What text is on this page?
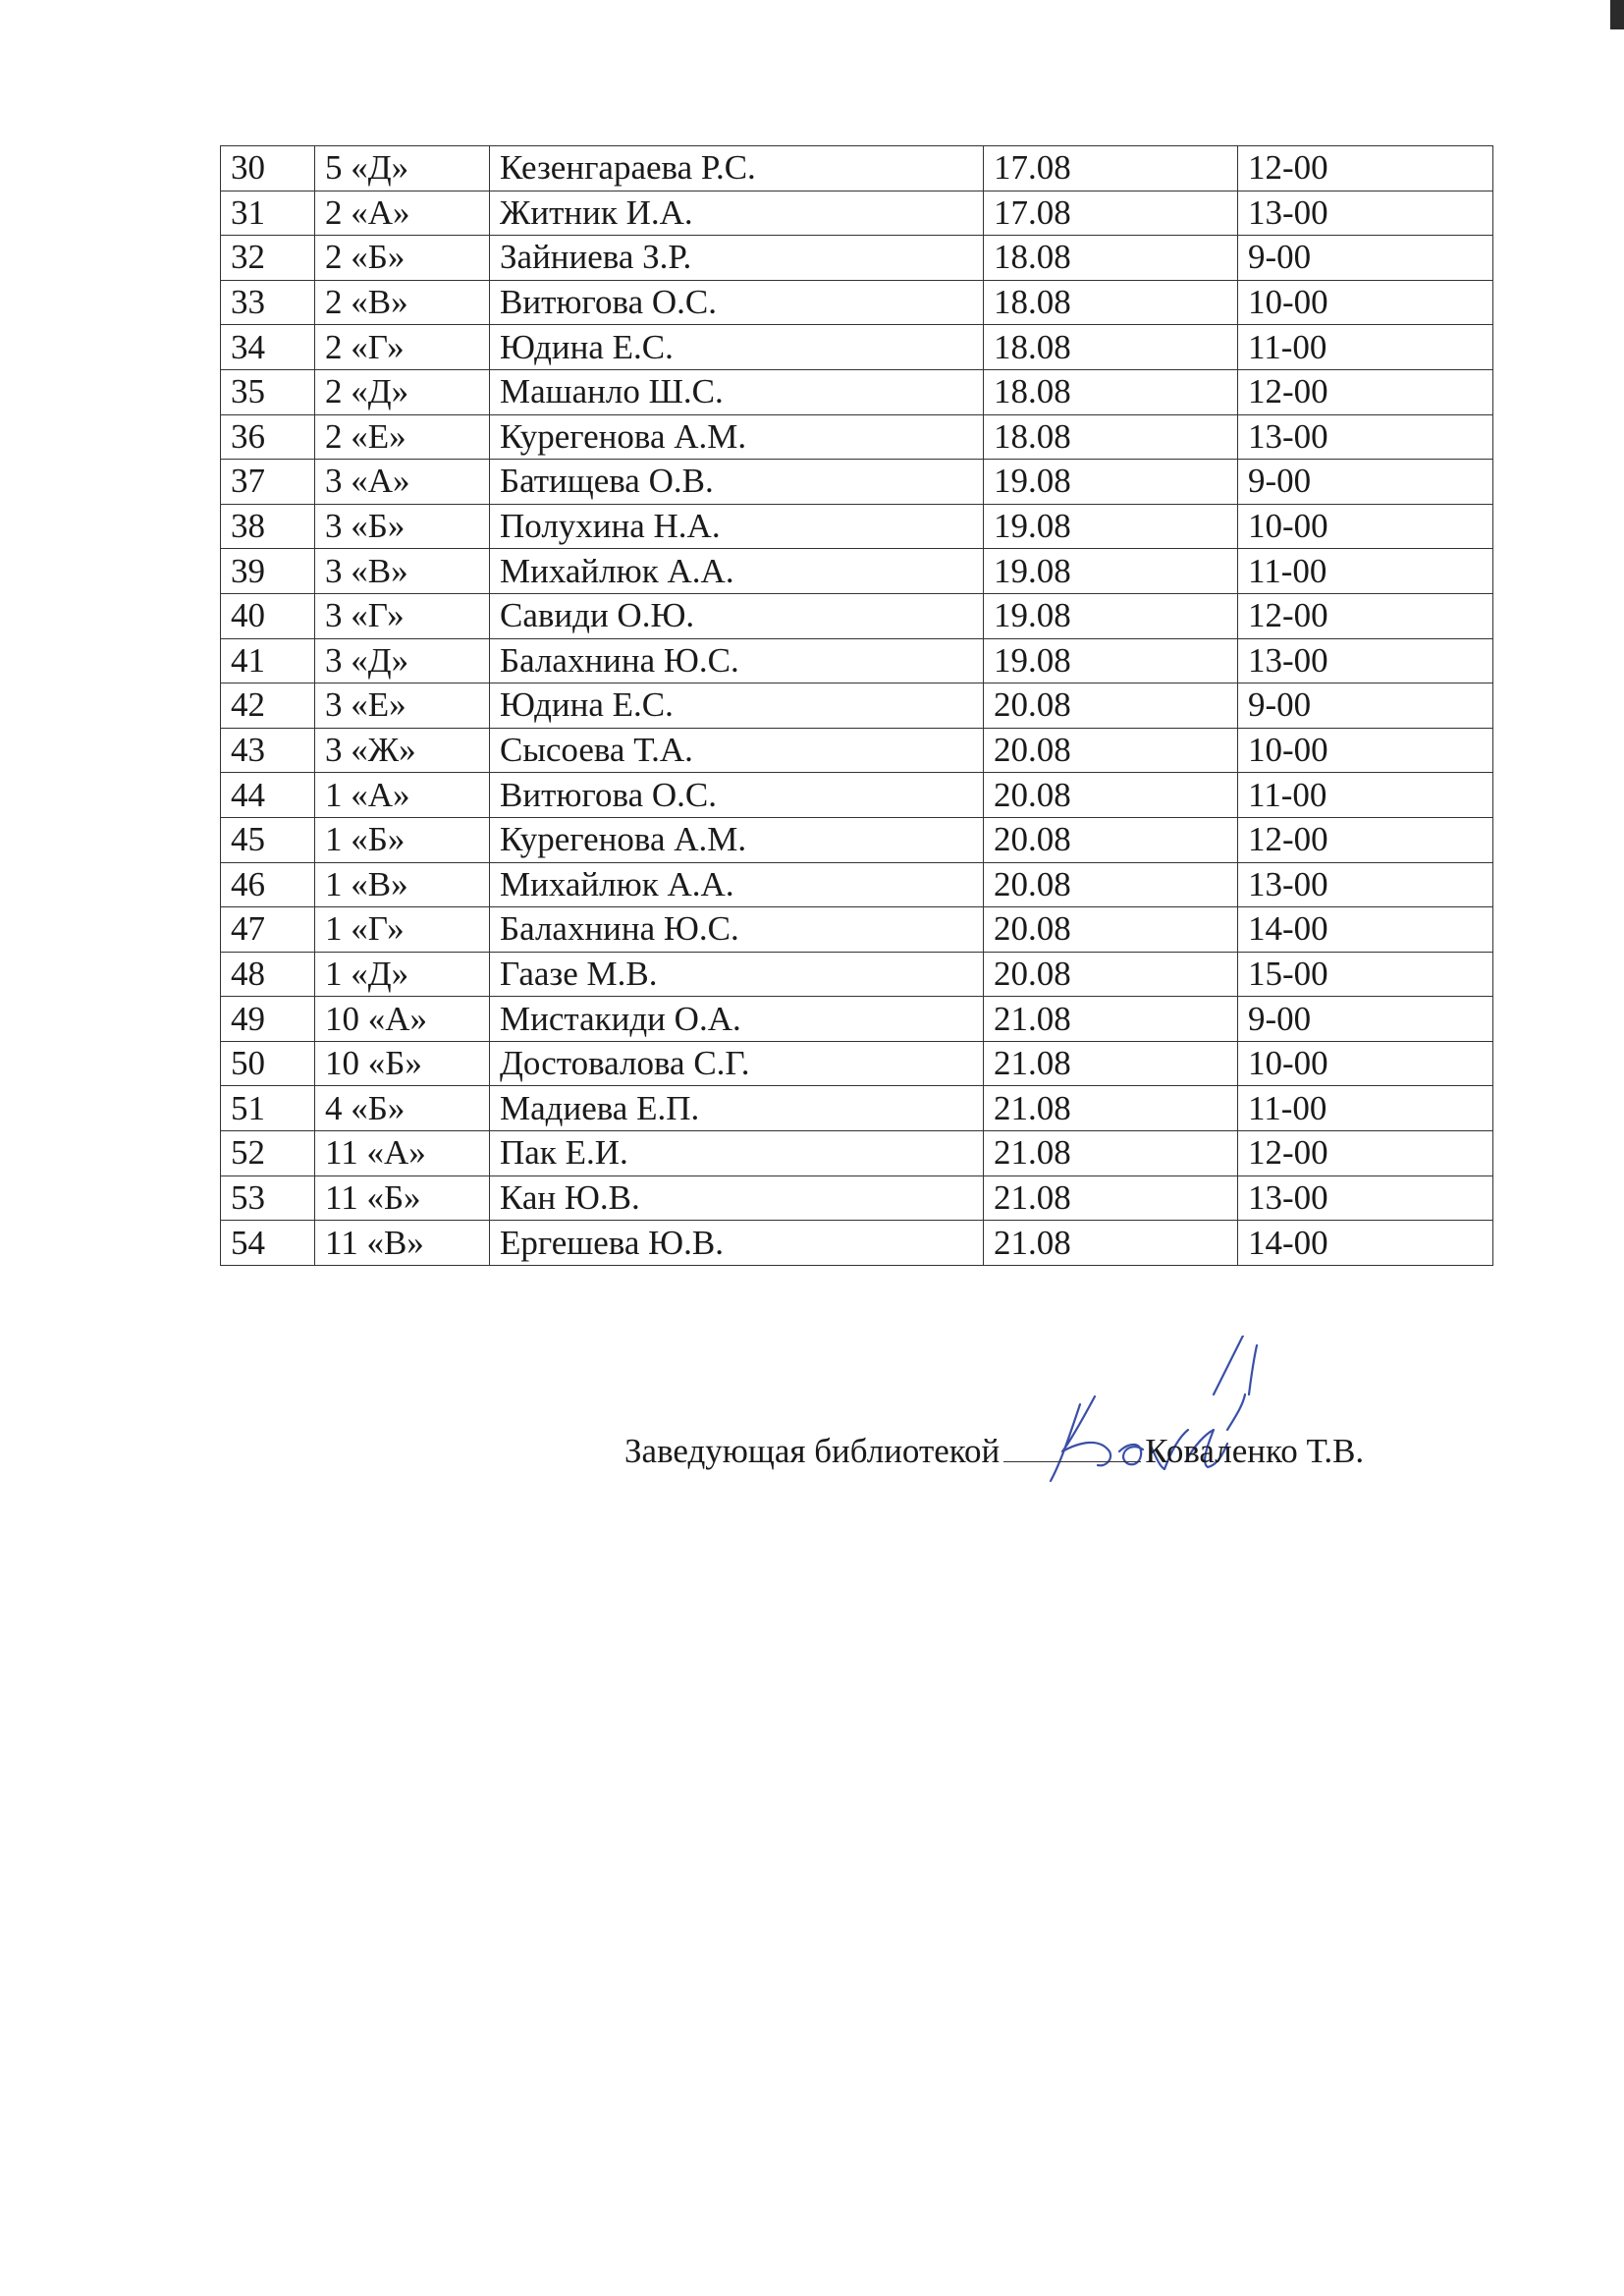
30	5 «Д»	Кезенгараева Р.С.	17.08	12-00
31	2 «А»	Житник И.А.	17.08	13-00
32	2 «Б»	Зайниева З.Р.	18.08	9-00
33	2 «В»	Витюгова О.С.	18.08	10-00
34	2 «Г»	Юдина Е.С.	18.08	11-00
35	2 «Д»	Машанло Ш.С.	18.08	12-00
36	2 «Е»	Курегенова А.М.	18.08	13-00
37	3 «А»	Батищева О.В.	19.08	9-00
38	3 «Б»	Полухина Н.А.	19.08	10-00
39	3 «В»	Михайлюк А.А.	19.08	11-00
40	3 «Г»	Савиди О.Ю.	19.08	12-00
41	3 «Д»	Балахнина Ю.С.	19.08	13-00
42	3 «Е»	Юдина Е.С.	20.08	9-00
43	3 «Ж»	Сысоева Т.А.	20.08	10-00
44	1 «А»	Витюгова О.С.	20.08	11-00
45	1 «Б»	Курегенова А.М.	20.08	12-00
46	1 «В»	Михайлюк А.А.	20.08	13-00
47	1 «Г»	Балахнина Ю.С.	20.08	14-00
48	1 «Д»	Гаазе М.В.	20.08	15-00
49	10 «А»	Мистакиди О.А.	21.08	9-00
50	10 «Б»	Достовалова С.Г.	21.08	10-00
51	4 «Б»	Мадиева Е.П.	21.08	11-00
52	11 «А»	Пак Е.И.	21.08	12-00
53	11 «Б»	Кан Ю.В.	21.08	13-00
54	11 «В»	Ергешева Ю.В.	21.08	14-00
Заведующая библиотекой	Коваленко Т.В.
